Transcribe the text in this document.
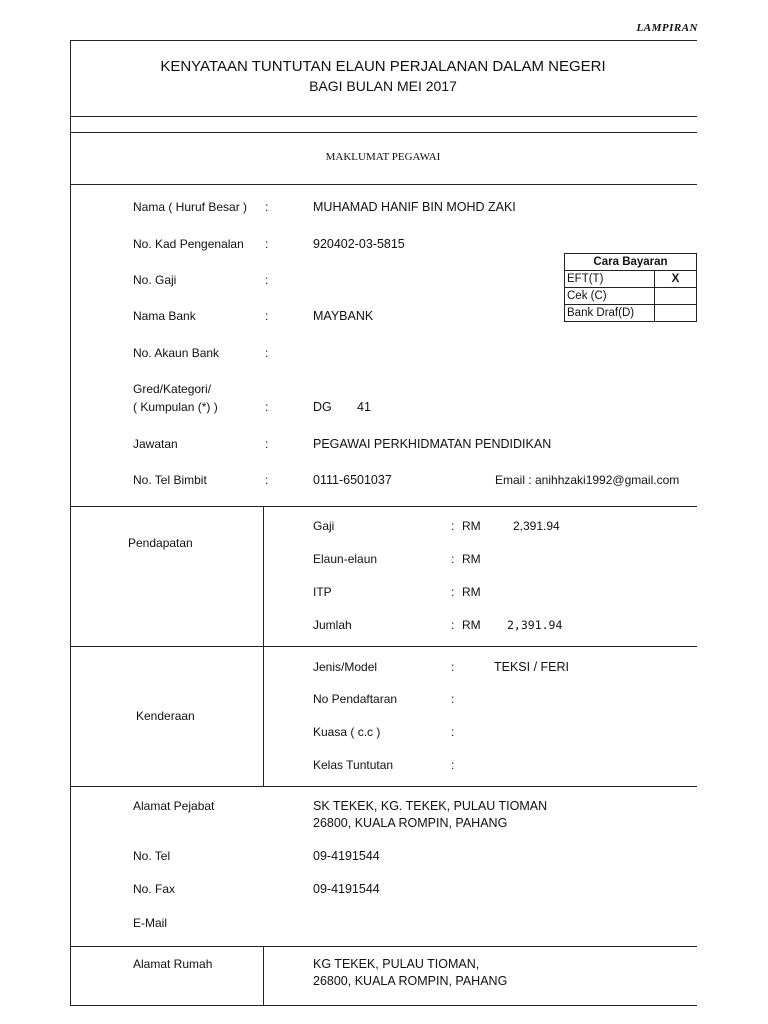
LAMPIRAN
KENYATAAN TUNTUTAN ELAUN PERJALANAN DALAM NEGERI
BAGI BULAN MEI 2017
MAKLUMAT PEGAWAI
Nama ( Huruf Besar ) :	MUHAMAD HANIF BIN MOHD ZAKI
No. Kad Pengenalan :	920402-03-5815
No. Gaji	:
Nama Bank	:	MAYBANK
No. Akaun Bank	:
Gred/Kategori/
( Kumpulan (*) )	:	DG 41
Jawatan	:	PEGAWAI PERKHIDMATAN PENDIDIKAN
No. Tel Bimbit	:	0111-6501037	Email : anihhzaki1992@gmail.com
Cara Bayaran	
EFT(T)	X
Cek (C)	
Bank Draf(D)	
Pendapatan
Gaji	: RM	2,391.94
Elaun-elaun	: RM
ITP	: RM
Jumlah	: RM 2,391.94
Kenderaan
Jenis/Model	:	TEKSI / FERI
No Pendaftaran	:
Kuasa ( c.c )	:
Kelas Tuntutan	:
Alamat Pejabat	SK TEKEK, KG. TEKEK, PULAU TIOMAN
26800, KUALA ROMPIN, PAHANG
No. Tel	09-4191544
No. Fax	09-4191544
E-Mail
Alamat Rumah	KG TEKEK, PULAU TIOMAN,
26800, KUALA ROMPIN, PAHANG
